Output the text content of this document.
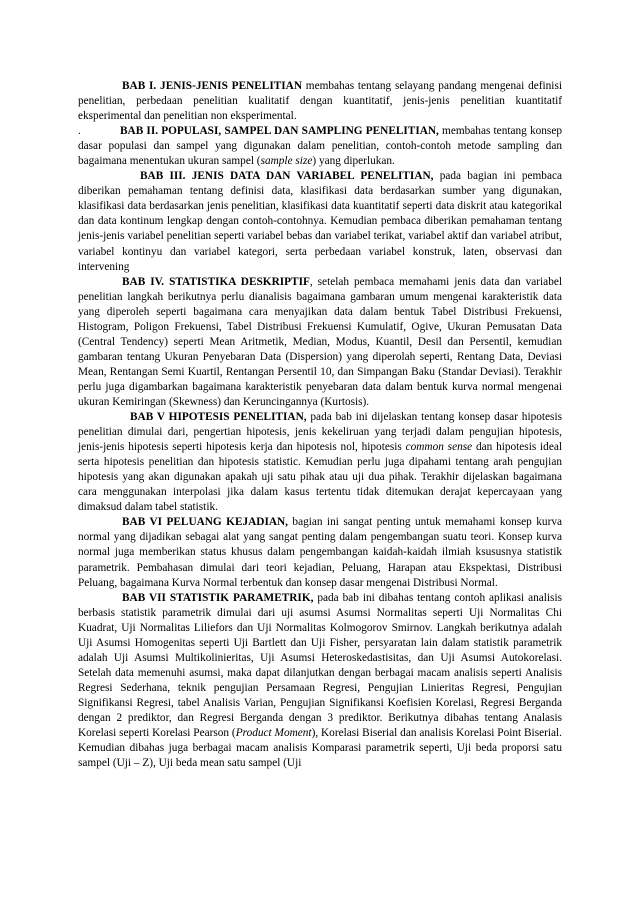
BAB I. JENIS-JENIS PENELITIAN membahas tentang selayang pandang mengenai definisi penelitian, perbedaan penelitian kualitatif dengan kuantitatif, jenis-jenis penelitian kuantitatif eksperimental dan penelitian non eksperimental.

.	BAB II. POPULASI, SAMPEL DAN SAMPLING PENELITIAN, membahas tentang konsep dasar populasi dan sampel yang digunakan dalam penelitian, contoh-contoh metode sampling dan bagaimana menentukan ukuran sampel (sample size) yang diperlukan.

BAB III. JENIS DATA DAN VARIABEL PENELITIAN, pada bagian ini pembaca diberikan pemahaman tentang definisi data, klasifikasi data berdasarkan sumber yang digunakan, klasifikasi data berdasarkan jenis penelitian, klasifikasi data kuantitatif seperti data diskrit atau kategorikal dan data kontinum lengkap dengan contoh-contohnya. Kemudian pembaca diberikan pemahaman tentang jenis-jenis variabel penelitian seperti variabel bebas dan variabel terikat, variabel aktif dan variabel atribut, variabel kontinyu dan variabel kategori, serta perbedaan variabel konstruk, laten, observasi dan intervening

BAB IV. STATISTIKA DESKRIPTIF, setelah pembaca memahami jenis data dan variabel penelitian langkah berikutnya perlu dianalisis bagaimana gambaran umum mengenai karakteristik data yang diperoleh seperti bagaimana cara menyajikan data dalam bentuk Tabel Distribusi Frekuensi, Histogram, Poligon Frekuensi, Tabel Distribusi Frekuensi Kumulatif, Ogive, Ukuran Pemusatan Data (Central Tendency) seperti Mean Aritmetik, Median, Modus, Kuantil, Desil dan Persentil, kemudian gambaran tentang Ukuran Penyebaran Data (Dispersion) yang diperolah seperti, Rentang Data, Deviasi Mean, Rentangan Semi Kuartil, Rentangan Persentil 10, dan Simpangan Baku (Standar Deviasi). Terakhir perlu juga digambarkan bagaimana karakteristik penyebaran data dalam bentuk kurva normal mengenai ukuran Kemiringan (Skewness) dan Keruncingannya (Kurtosis).

BAB V HIPOTESIS PENELITIAN, pada bab ini dijelaskan tentang konsep dasar hipotesis penelitian dimulai dari, pengertian hipotesis, jenis kekeliruan yang terjadi dalam pengujian hipotesis, jenis-jenis hipotesis seperti hipotesis kerja dan hipotesis nol, hipotesis common sense dan hipotesis ideal serta hipotesis penelitian dan hipotesis statistic. Kemudian perlu juga dipahami tentang arah pengujian hipotesis yang akan digunakan apakah uji satu pihak atau uji dua pihak. Terakhir dijelaskan bagaimana cara menggunakan interpolasi jika dalam kasus tertentu tidak ditemukan derajat kepercayaan yang dimaksud dalam tabel statistik.

BAB VI PELUANG KEJADIAN, bagian ini sangat penting untuk memahami konsep kurva normal yang dijadikan sebagai alat yang sangat penting dalam pengembangan suatu teori. Konsep kurva normal juga memberikan status khusus dalam pengembangan kaidah-kaidah ilmiah ksususnya statistik parametrik. Pembahasan dimulai dari teori kejadian, Peluang, Harapan atau Ekspektasi, Distribusi Peluang, bagaimana Kurva Normal terbentuk dan konsep dasar mengenai Distribusi Normal.

BAB VII STATISTIK PARAMETRIK, pada bab ini dibahas tentang contoh aplikasi analisis berbasis statistik parametrik dimulai dari uji asumsi Asumsi Normalitas seperti Uji Normalitas Chi Kuadrat, Uji Normalitas Liliefors dan Uji Normalitas Kolmogorov Smirnov. Langkah berikutnya adalah Uji Asumsi Homogenitas seperti Uji Bartlett dan Uji Fisher, persyaratan lain dalam statistik parametrik adalah Uji Asumsi Multikolinieritas, Uji Asumsi Heteroskedastisitas, dan Uji Asumsi Autokorelasi. Setelah data memenuhi asumsi, maka dapat dilanjutkan dengan berbagai macam analisis seperti Analisis Regresi Sederhana, teknik pengujian Persamaan Regresi, Pengujian Linieritas Regresi, Pengujian Signifikansi Regresi, tabel Analisis Varian, Pengujian Signifikansi Koefisien Korelasi, Regresi Berganda dengan 2 prediktor, dan Regresi Berganda dengan 3 prediktor. Berikutnya dibahas tentang Analasis Korelasi seperti Korelasi Pearson (Product Moment), Korelasi Biserial dan analisis Korelasi Point Biserial. Kemudian dibahas juga berbagai macam analisis Komparasi parametrik seperti, Uji beda proporsi satu sampel (Uji – Z), Uji beda mean satu sampel (Uji
